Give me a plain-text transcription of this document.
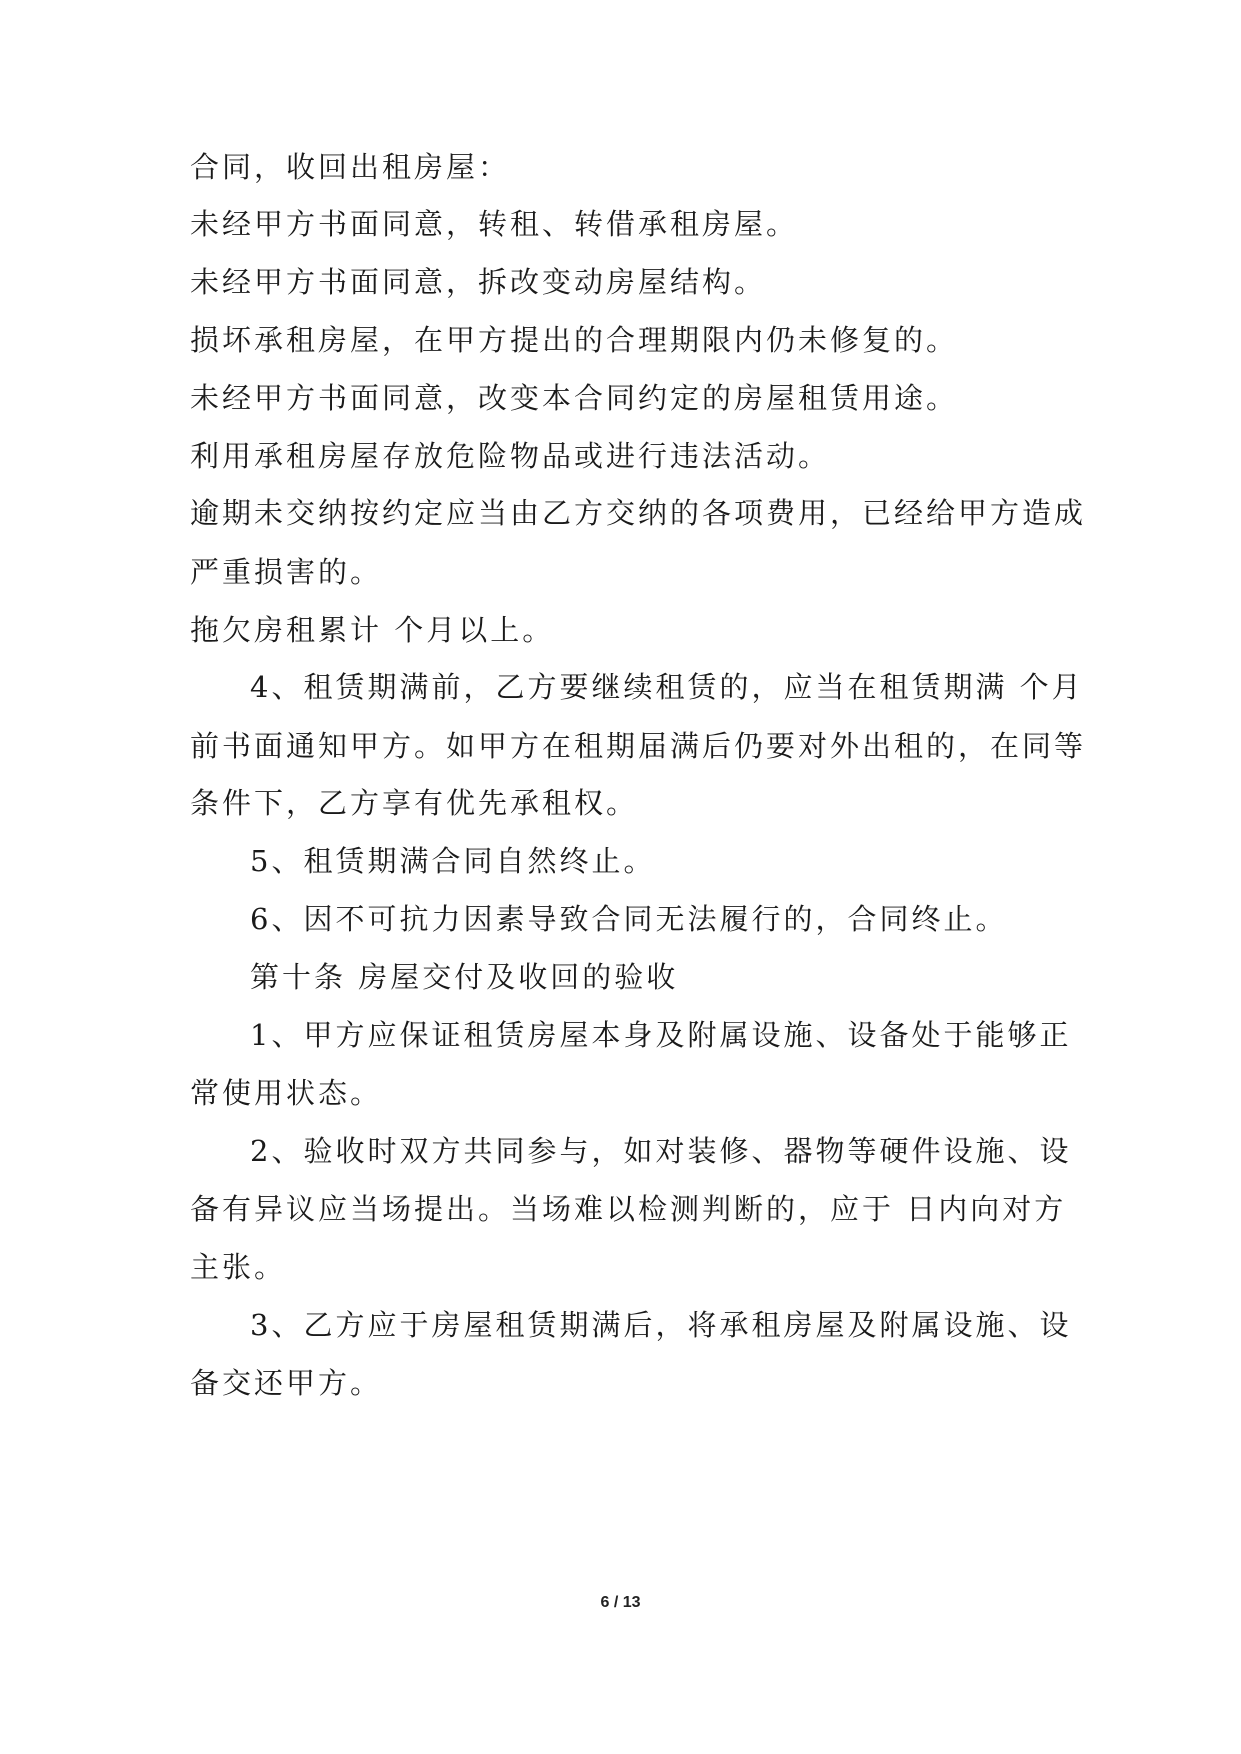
合同，收回出租房屋：
未经甲方书面同意，转租、转借承租房屋。
未经甲方书面同意，拆改变动房屋结构。
损坏承租房屋，在甲方提出的合理期限内仍未修复的。
未经甲方书面同意，改变本合同约定的房屋租赁用途。
利用承租房屋存放危险物品或进行违法活动。
逾期未交纳按约定应当由乙方交纳的各项费用，已经给甲方造成
严重损害的。
拖欠房租累计 个月以上。
4、租赁期满前，乙方要继续租赁的，应当在租赁期满 个月
前书面通知甲方。如甲方在租期届满后仍要对外出租的，在同等
条件下，乙方享有优先承租权。
5、租赁期满合同自然终止。
6、因不可抗力因素导致合同无法履行的，合同终止。
第十条 房屋交付及收回的验收
1、甲方应保证租赁房屋本身及附属设施、设备处于能够正
常使用状态。
2、验收时双方共同参与，如对装修、器物等硬件设施、设
备有异议应当场提出。当场难以检测判断的，应于 日内向对方
主张。
3、乙方应于房屋租赁期满后，将承租房屋及附属设施、设
备交还甲方。
6 / 13
